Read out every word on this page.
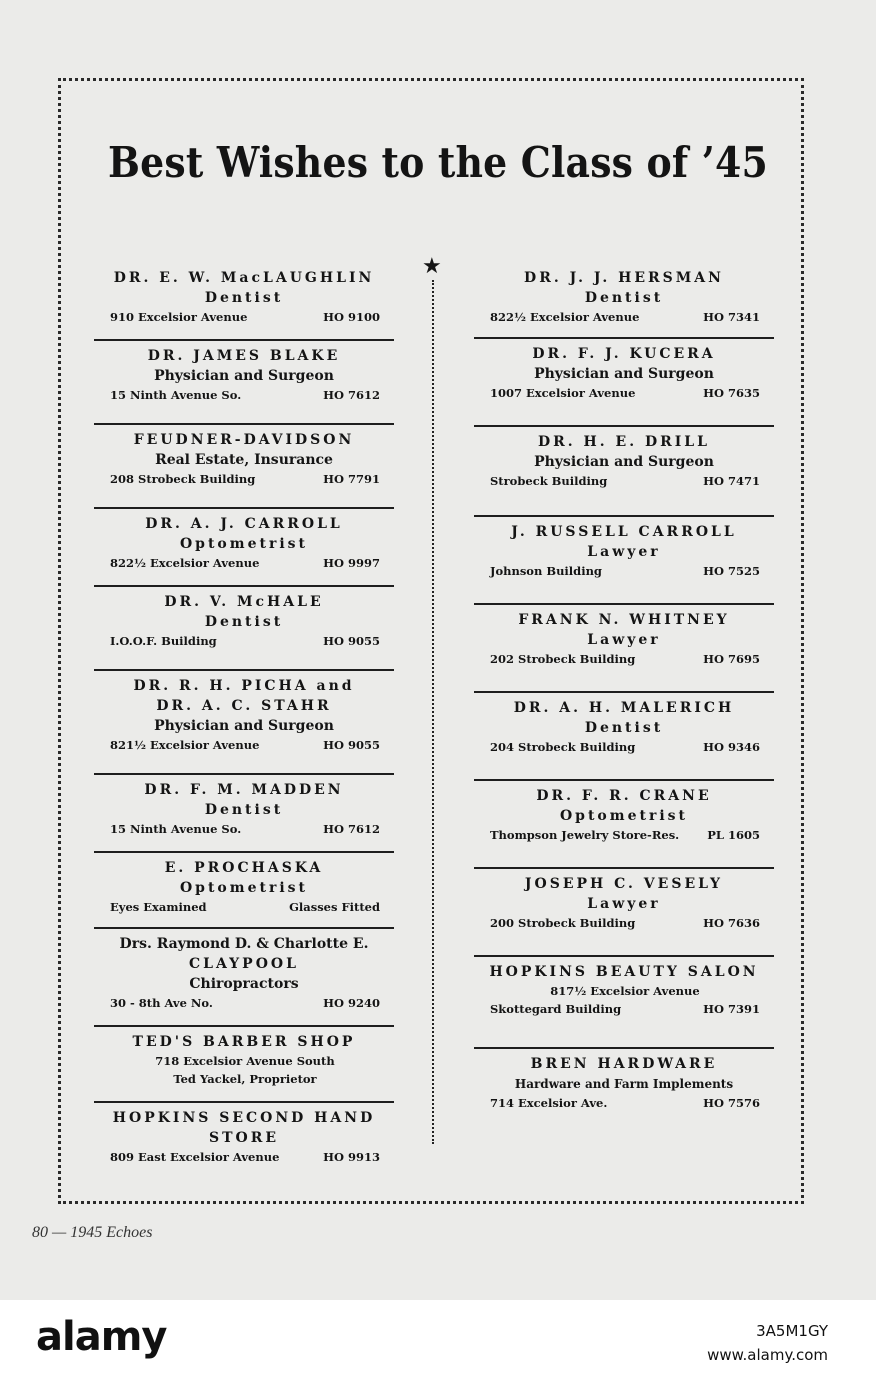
Best Wishes to the Class of ’45
★
DR. E. W. MacLAUGHLIN
Dentist
910 Excelsior Avenue	HO 9100
DR. JAMES BLAKE
Physician and Surgeon
15 Ninth Avenue So.	HO 7612
FEUDNER-DAVIDSON
Real Estate, Insurance
208 Strobeck Building	HO 7791
DR. A. J. CARROLL
Optometrist
822½ Excelsior Avenue	HO 9997
DR. V. McHALE
Dentist
I.O.O.F. Building	HO 9055
DR. R. H. PICHA and
DR. A. C. STAHR
Physician and Surgeon
821½ Excelsior Avenue	HO 9055
DR. F. M. MADDEN
Dentist
15 Ninth Avenue So.	HO 7612
E. PROCHASKA
Optometrist
Eyes Examined	Glasses Fitted
Drs. Raymond D. & Charlotte E.
CLAYPOOL
Chiropractors
30 - 8th Ave No.	HO 9240
TED'S BARBER SHOP
718 Excelsior Avenue South
Ted Yackel, Proprietor
HOPKINS SECOND HAND STORE
809 East Excelsior Avenue	HO 9913
DR. J. J. HERSMAN
Dentist
822½ Excelsior Avenue	HO 7341
DR. F. J. KUCERA
Physician and Surgeon
1007 Excelsior Avenue	HO 7635
DR. H. E. DRILL
Physician and Surgeon
Strobeck Building	HO 7471
J. RUSSELL CARROLL
Lawyer
Johnson Building	HO 7525
FRANK N. WHITNEY
Lawyer
202 Strobeck Building	HO 7695
DR. A. H. MALERICH
Dentist
204 Strobeck Building	HO 9346
DR. F. R. CRANE
Optometrist
Thompson Jewelry Store-Res. PL 1605
JOSEPH C. VESELY
Lawyer
200 Strobeck Building	HO 7636
HOPKINS BEAUTY SALON
817½ Excelsior Avenue
Skottegard Building	HO 7391
BREN HARDWARE
Hardware and Farm Implements
714 Excelsior Ave.	HO 7576
80 — 1945 Echoes
alamy	3A5M1GY
www.alamy.com
